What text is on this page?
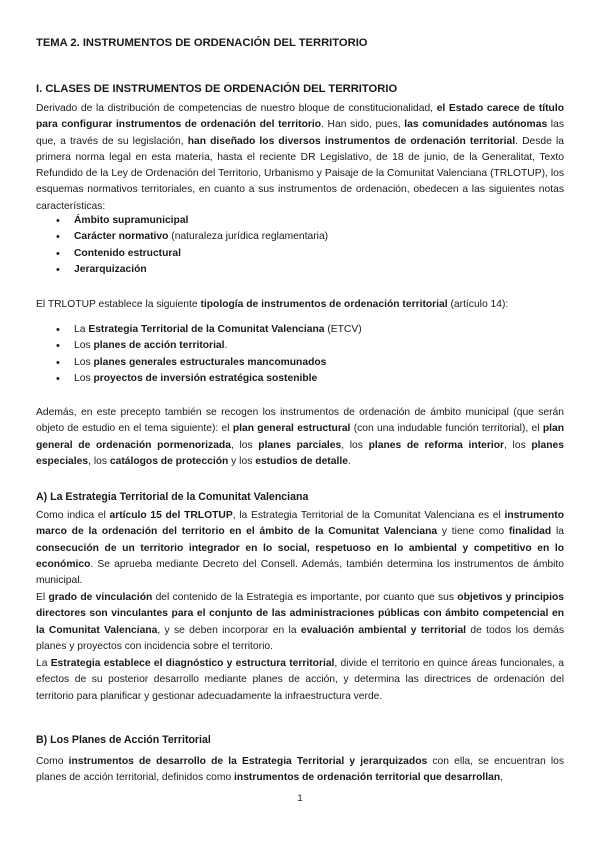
TEMA 2. INSTRUMENTOS DE ORDENACIÓN DEL TERRITORIO
I. CLASES DE INSTRUMENTOS DE ORDENACIÓN DEL TERRITORIO

Derivado de la distribución de competencias de nuestro bloque de constitucionalidad, el Estado carece de título para configurar instrumentos de ordenación del territorio. Han sido, pues, las comunidades autónomas las que, a través de su legislación, han diseñado los diversos instrumentos de ordenación territorial. Desde la primera norma legal en esta materia, hasta el reciente DR Legislativo, de 18 de junio, de la Generalitat, Texto Refundido de la Ley de Ordenación del Territorio, Urbanismo y Paisaje de la Comunitat Valenciana (TRLOTUP), los esquemas normativos territoriales, en cuanto a sus instrumentos de ordenación, obedecen a las siguientes notas características:

• Ámbito supramunicipal
• Carácter normativo (naturaleza jurídica reglamentaria)
• Contenido estructural
• Jerarquización

El TRLOTUP establece la siguiente tipología de instrumentos de ordenación territorial (artículo 14):

• La Estrategia Territorial de la Comunitat Valenciana (ETCV)
• Los planes de acción territorial.
• Los planes generales estructurales mancomunados
• Los proyectos de inversión estratégica sostenible

Además, en este precepto también se recogen los instrumentos de ordenación de ámbito municipal (que serán objeto de estudio en el tema siguiente): el plan general estructural (con una indudable función territorial), el plan general de ordenación pormenorizada, los planes parciales, los planes de reforma interior, los planes especiales, los catálogos de protección y los estudios de detalle.

A) La Estrategia Territorial de la Comunitat Valenciana

Como indica el artículo 15 del TRLOTUP, la Estrategia Territorial de la Comunitat Valenciana es el instrumento marco de la ordenación del territorio en el ámbito de la Comunitat Valenciana y tiene como finalidad la consecución de un territorio integrador en lo social, respetuoso en lo ambiental y competitivo en lo económico. Se aprueba mediante Decreto del Consell. Además, también determina los instrumentos de ámbito municipal.

El grado de vinculación del contenido de la Estrategia es importante, por cuanto que sus objetivos y principios directores son vinculantes para el conjunto de las administraciones públicas con ámbito competencial en la Comunitat Valenciana, y se deben incorporar en la evaluación ambiental y territorial de todos los demás planes y proyectos con incidencia sobre el territorio.

La Estrategia establece el diagnóstico y estructura territorial, divide el territorio en quince áreas funcionales, a efectos de su posterior desarrollo mediante planes de acción, y determina las directrices de ordenación del territorio para planificar y gestionar adecuadamente la infraestructura verde.

B) Los Planes de Acción Territorial

Como instrumentos de desarrollo de la Estrategia Territorial y jerarquizados con ella, se encuentran los planes de acción territorial, definidos como instrumentos de ordenación territorial que desarrollan,

1
